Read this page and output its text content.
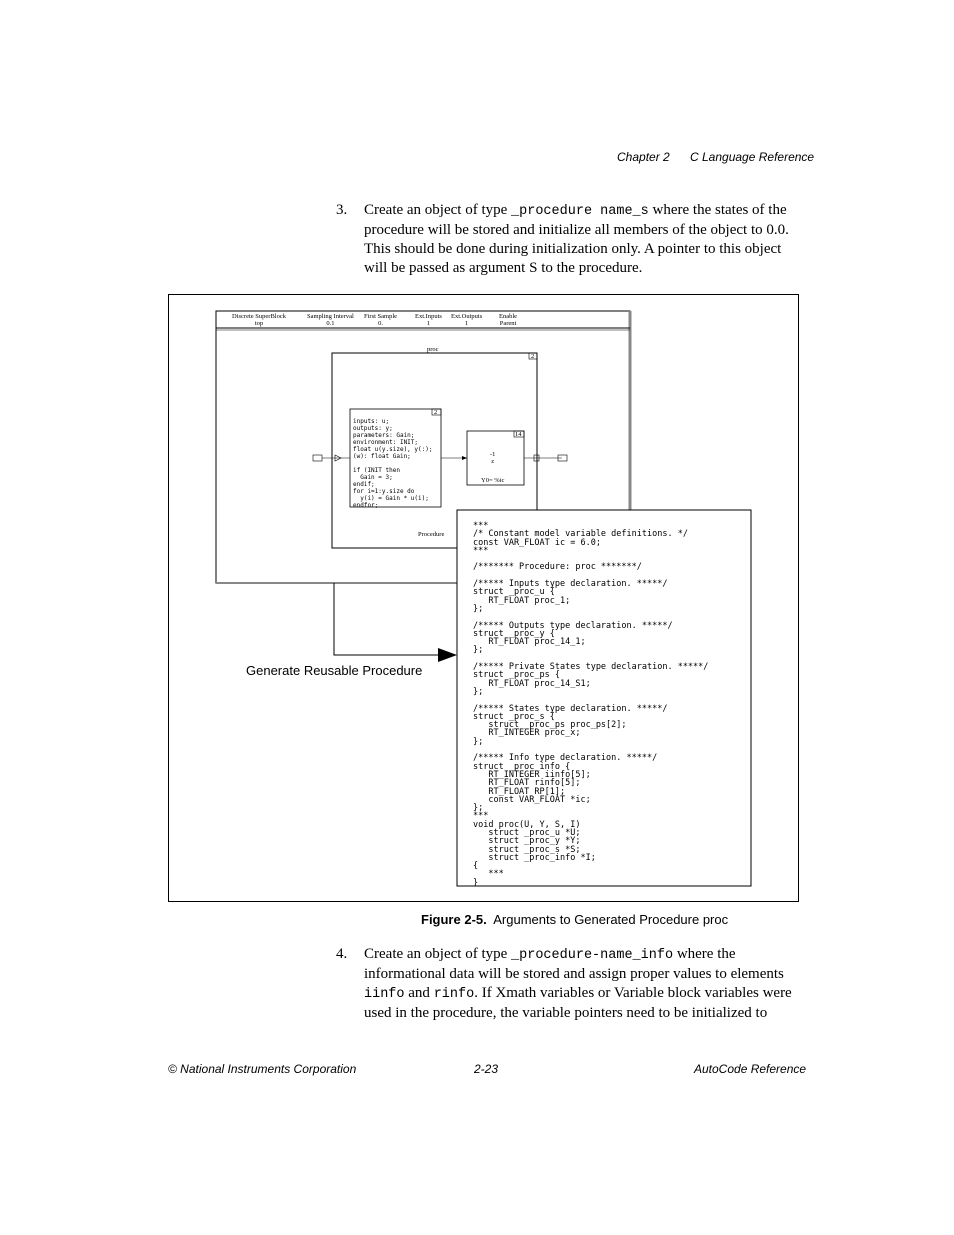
Chapter 2 C Language Reference
3. Create an object of type _procedure name_s where the states of the procedure will be stored and initialize all members of the object to 0.0. This should be done during initialization only. A pointer to this object will be passed as argument S to the procedure.
Discrete SuperBlock
top
Sampling Interval
0.1
First Sample
0.
Ext.Inputs
1
Ext.Outputs
1
Enable
Parent
proc
2
2
inputs: u;
outputs: y;
parameters: Gain;
environment: INIT;
float u(y.size), y(:);
(w): float Gain;

if (INIT then
Gain = 3;
endif;
for i=1:y.size do
y(i) = Gain * u(i);
endfor;
14
-1
z
Y0= %ic
Procedure
Generate Reusable Procedure
***
/* Constant model variable definitions. */
const VAR_FLOAT ic = 6.0;
***

/******* Procedure: proc *******/

/***** Inputs type declaration. *****/
struct _proc_u {
RT_FLOAT proc_1;
};

/***** Outputs type declaration. *****/
struct _proc_y {
RT_FLOAT proc_14_1;
};

/***** Private States type declaration. *****/
struct _proc_ps {
RT_FLOAT proc_14_S1;
};

/***** States type declaration. *****/
struct _proc_s {
struct _proc_ps proc_ps[2];
RT_INTEGER proc_x;
};

/***** Info type declaration. *****/
struct _proc_info {
RT_INTEGER iinfo[5];
RT_FLOAT rinfo[5];
RT_FLOAT RP[1];
const VAR_FLOAT *ic;
};
***
void proc(U, Y, S, I)
struct _proc_u *U;
struct _proc_y *Y;
struct _proc_s *S;
struct _proc_info *I;
{
***
}
Figure 2-5. Arguments to Generated Procedure proc
4. Create an object of type _procedure-name_info where the informational data will be stored and assign proper values to elements iinfo and rinfo. If Xmath variables or Variable block variables were used in the procedure, the variable pointers need to be initialized to
© National Instruments Corporation	2-23	AutoCode Reference
